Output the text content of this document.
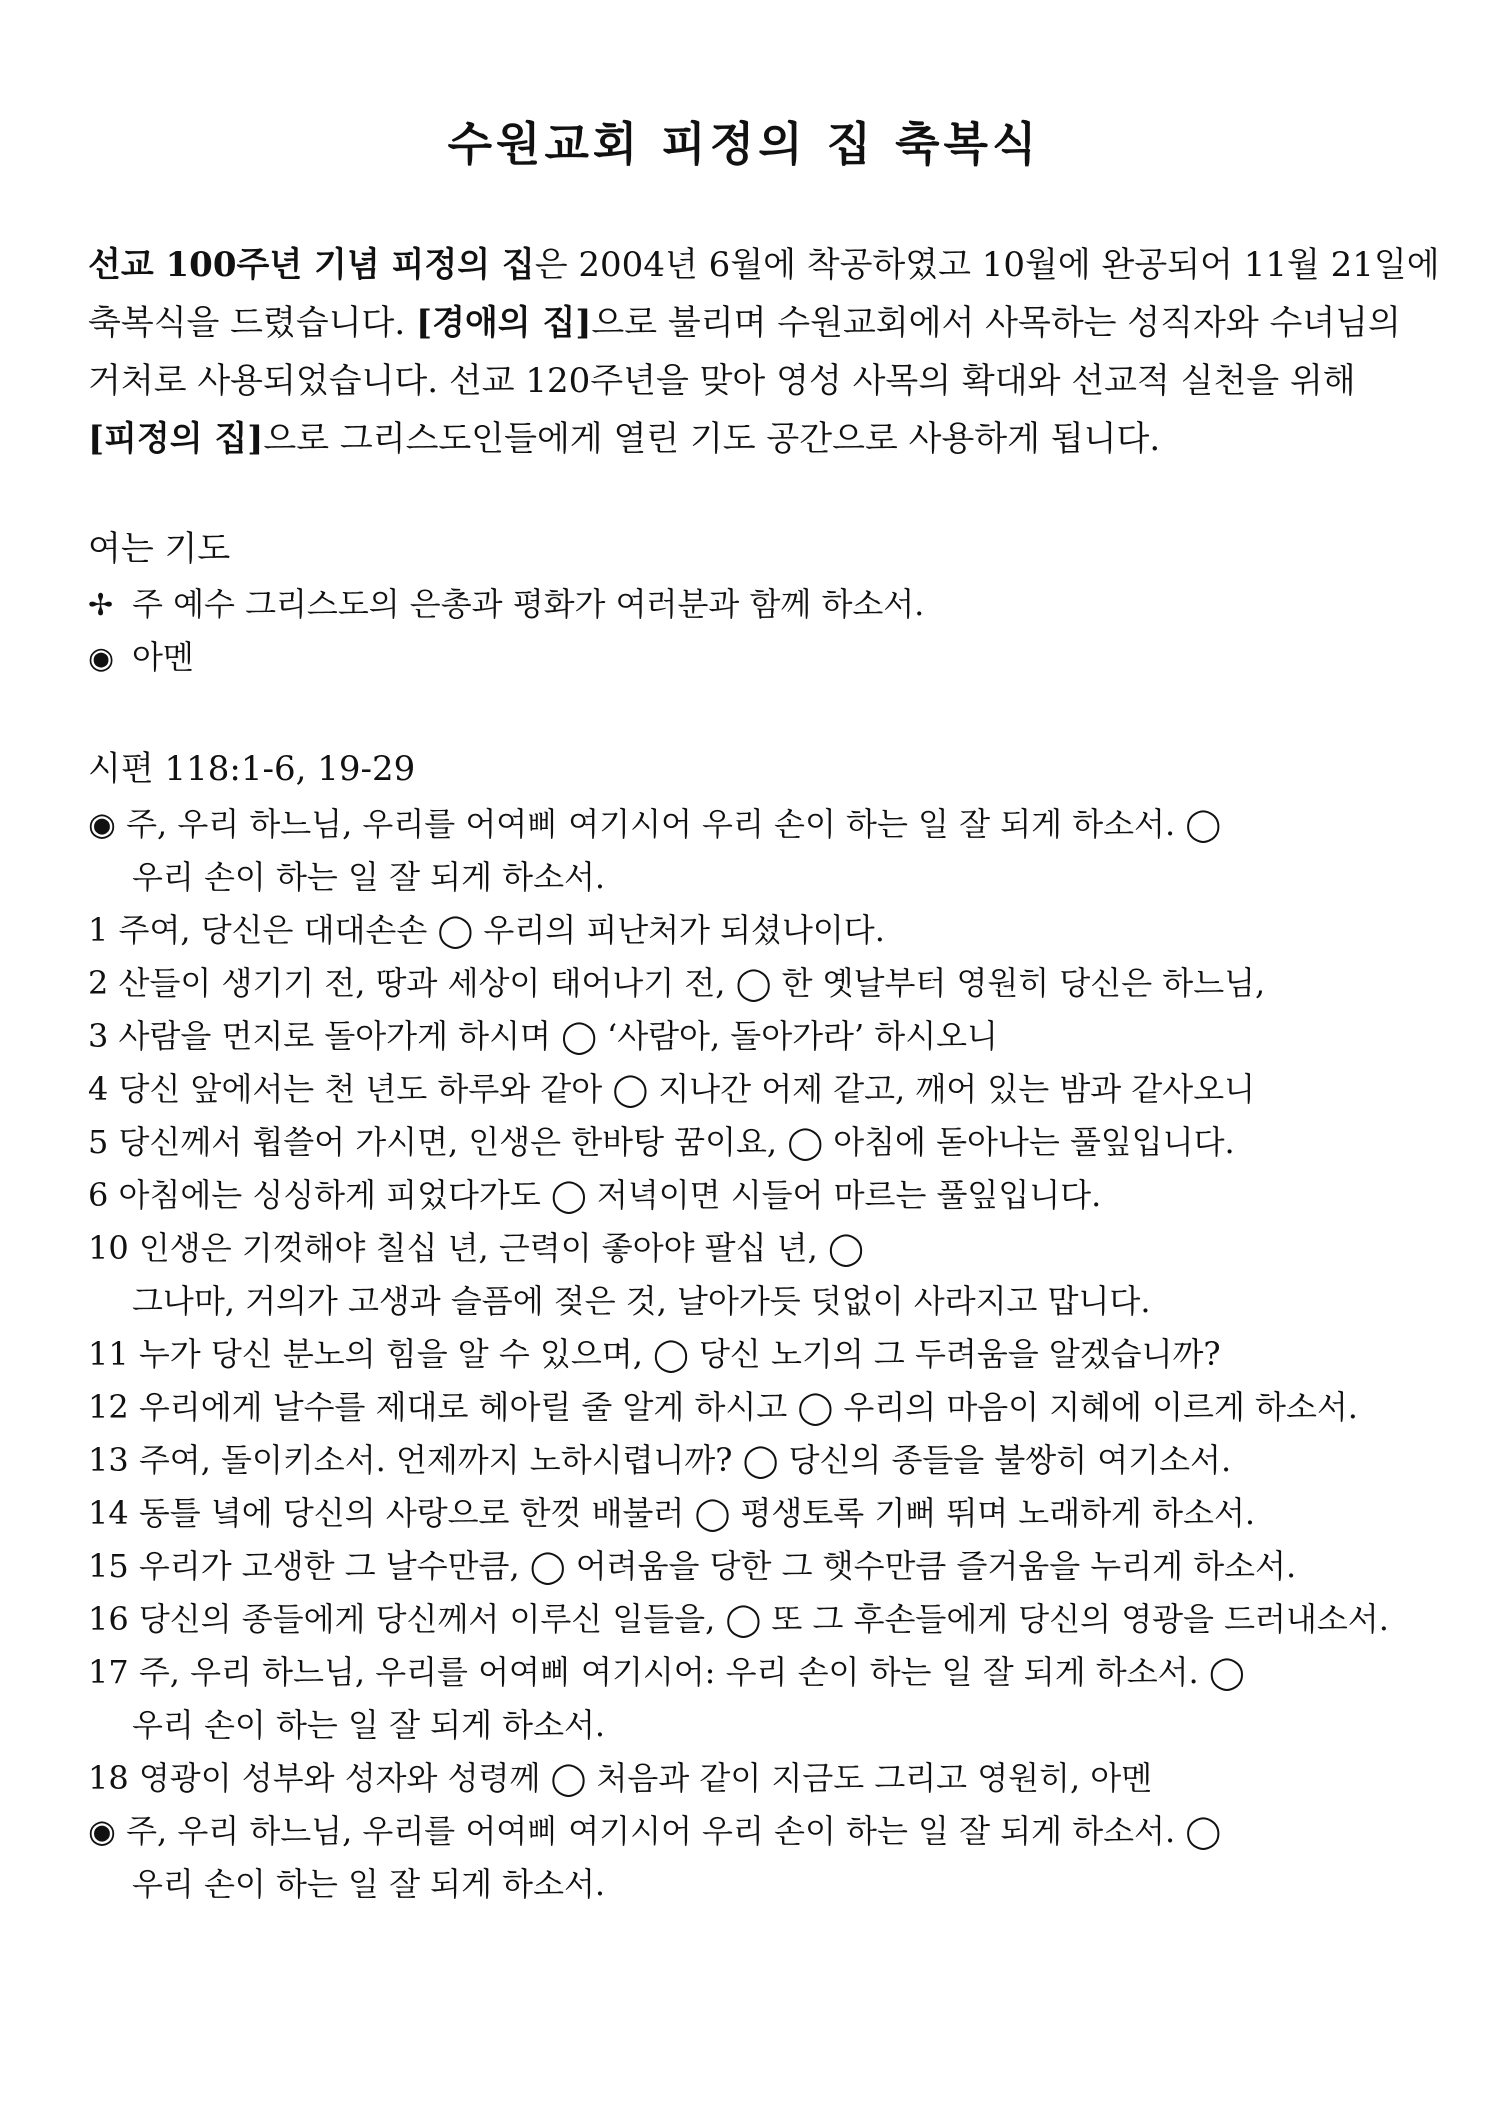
수원교회 피정의 집 축복식
선교 100주년 기념 피정의 집은 2004년 6월에 착공하였고 10월에 완공되어 11월 21일에
축복식을 드렸습니다. [경애의 집]으로 불리며 수원교회에서 사목하는 성직자와 수녀님의
거처로 사용되었습니다. 선교 120주년을 맞아 영성 사목의 확대와 선교적 실천을 위해
[피정의 집]으로 그리스도인들에게 열린 기도 공간으로 사용하게 됩니다.
여는 기도
✢ 주 예수 그리스도의 은총과 평화가 여러분과 함께 하소서.
◉ 아멘
시편 118:1-6, 19-29
◉ 주, 우리 하느님, 우리를 어여삐 여기시어 우리 손이 하는 일 잘 되게 하소서. ◯
우리 손이 하는 일 잘 되게 하소서.
1 주여, 당신은 대대손손 ◯ 우리의 피난처가 되셨나이다.
2 산들이 생기기 전, 땅과 세상이 태어나기 전, ◯ 한 옛날부터 영원히 당신은 하느님,
3 사람을 먼지로 돌아가게 하시며 ◯ ‘사람아, 돌아가라’ 하시오니
4 당신 앞에서는 천 년도 하루와 같아 ◯ 지나간 어제 같고, 깨어 있는 밤과 같사오니
5 당신께서 휩쓸어 가시면, 인생은 한바탕 꿈이요, ◯ 아침에 돋아나는 풀잎입니다.
6 아침에는 싱싱하게 피었다가도 ◯ 저녁이면 시들어 마르는 풀잎입니다.
10 인생은 기껏해야 칠십 년, 근력이 좋아야 팔십 년, ◯
그나마, 거의가 고생과 슬픔에 젖은 것, 날아가듯 덧없이 사라지고 맙니다.
11 누가 당신 분노의 힘을 알 수 있으며, ◯ 당신 노기의 그 두려움을 알겠습니까?
12 우리에게 날수를 제대로 헤아릴 줄 알게 하시고 ◯ 우리의 마음이 지혜에 이르게 하소서.
13 주여, 돌이키소서. 언제까지 노하시렵니까? ◯ 당신의 종들을 불쌍히 여기소서.
14 동틀 녘에 당신의 사랑으로 한껏 배불러 ◯ 평생토록 기뻐 뛰며 노래하게 하소서.
15 우리가 고생한 그 날수만큼, ◯ 어려움을 당한 그 햇수만큼 즐거움을 누리게 하소서.
16 당신의 종들에게 당신께서 이루신 일들을, ◯ 또 그 후손들에게 당신의 영광을 드러내소서.
17 주, 우리 하느님, 우리를 어여삐 여기시어: 우리 손이 하는 일 잘 되게 하소서. ◯
우리 손이 하는 일 잘 되게 하소서.
18 영광이 성부와 성자와 성령께 ◯ 처음과 같이 지금도 그리고 영원히, 아멘
◉ 주, 우리 하느님, 우리를 어여삐 여기시어 우리 손이 하는 일 잘 되게 하소서. ◯
우리 손이 하는 일 잘 되게 하소서.
